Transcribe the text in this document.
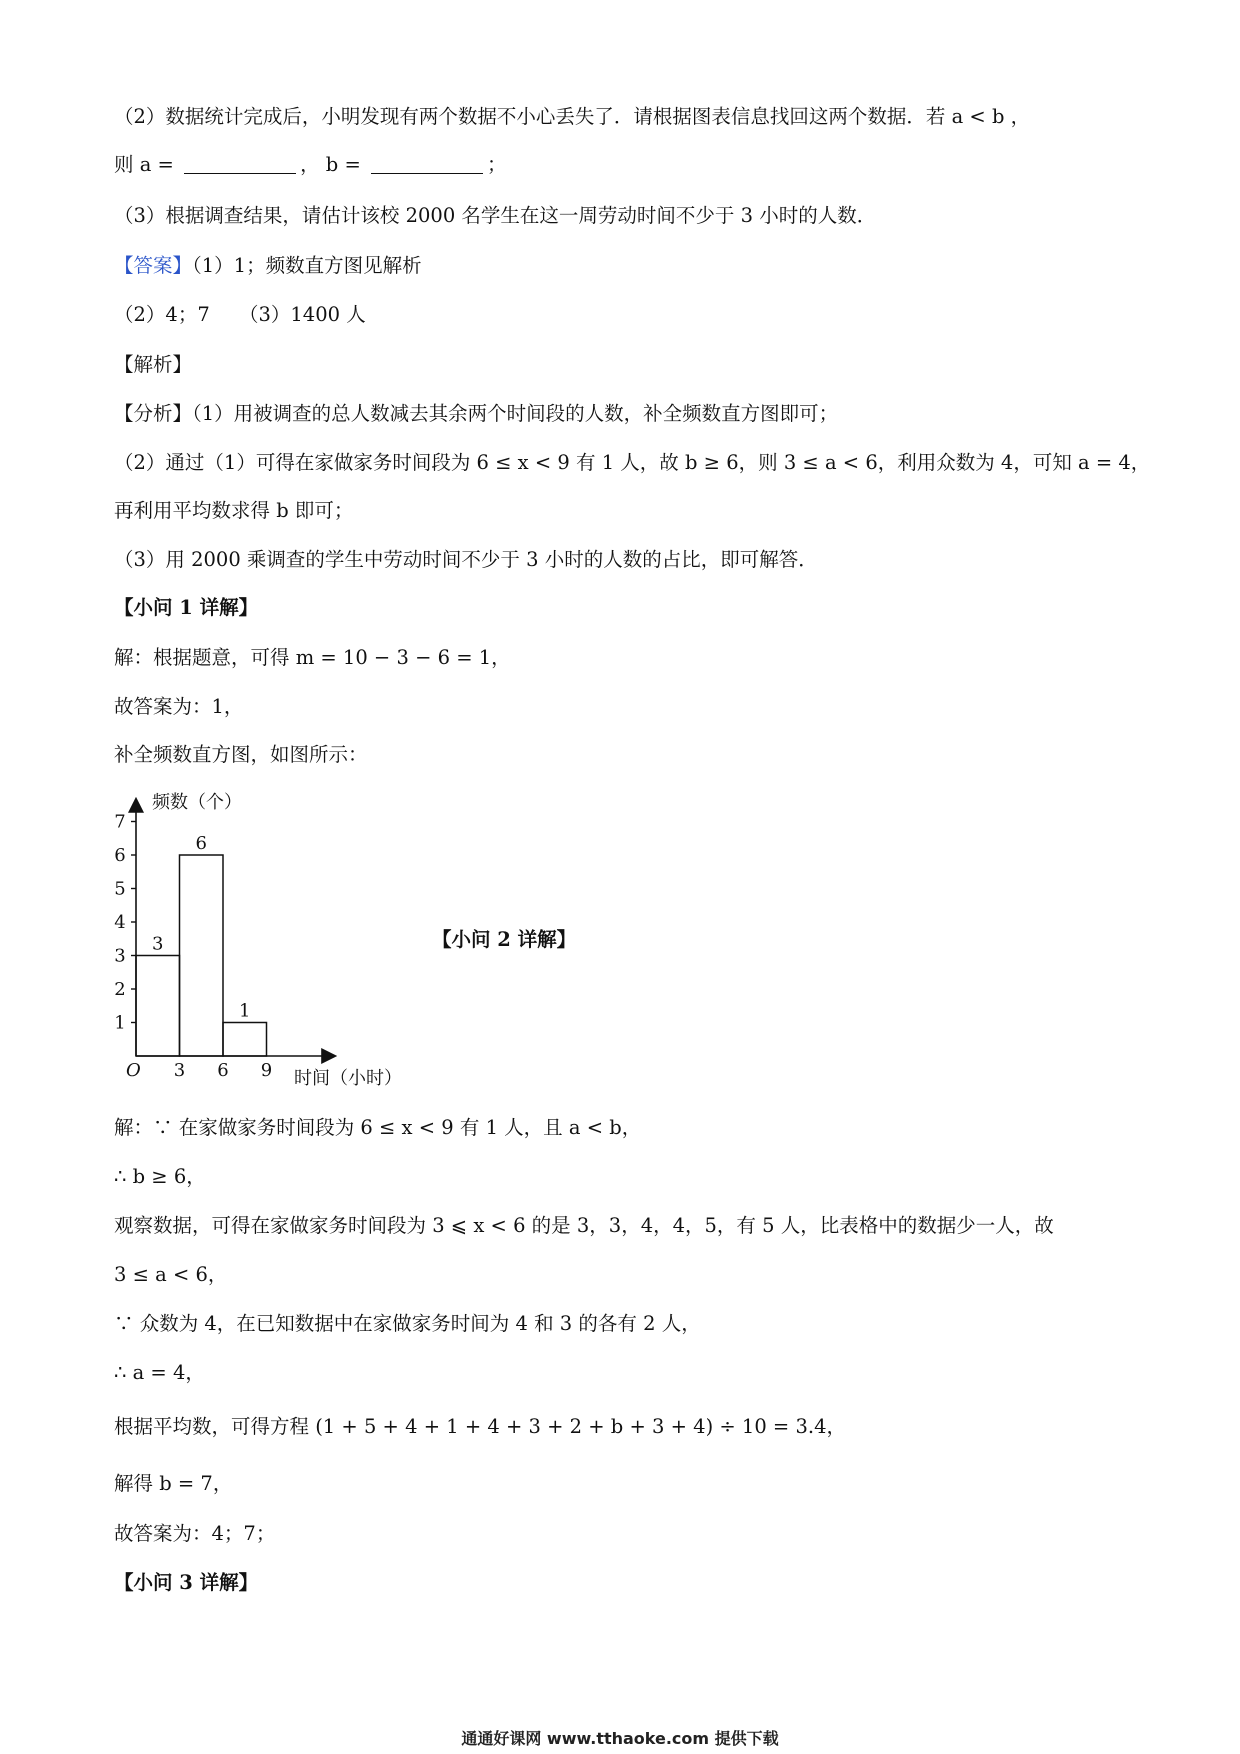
（2）数据统计完成后，小明发现有两个数据不小心丢失了．请根据图表信息找回这两个数据．若 a < b ，
则 a =	， b =	；
（3）根据调查结果，请估计该校 2000 名学生在这一周劳动时间不少于 3 小时的人数．
【答案】（1）1；频数直方图见解析
（2）4；7　　（3）1400 人
【解析】
【分析】（1）用被调查的总人数减去其余两个时间段的人数，补全频数直方图即可；
（2）通过（1）可得在家做家务时间段为 6 ≤ x < 9 有 1 人，故 b ≥ 6，则 3 ≤ a < 6，利用众数为 4，可知 a = 4，
再利用平均数求得 b 即可；
（3）用 2000 乘调查的学生中劳动时间不少于 3 小时的人数的占比，即可解答．
【小问 1 详解】
解：根据题意，可得 m = 10 − 3 − 6 = 1，
故答案为：1，
补全频数直方图，如图所示：
频数（个）
时间（小时）
O
3
6
1
1
2
3
4
5
6
7
3 6 9
【小问 2 详解】
解：∵ 在家做家务时间段为 6 ≤ x < 9 有 1 人，且 a < b，
∴ b ≥ 6，
观察数据，可得在家做家务时间段为 3 ⩽ x < 6 的是 3，3，4，4，5，有 5 人，比表格中的数据少一人，故
3 ≤ a < 6，
∵ 众数为 4，在已知数据中在家做家务时间为 4 和 3 的各有 2 人，
∴ a = 4，
根据平均数，可得方程 (1 + 5 + 4 + 1 + 4 + 3 + 2 + b + 3 + 4) ÷ 10 = 3.4，
解得 b = 7，
故答案为：4；7；
【小问 3 详解】
通通好课网 www.tthaoke.com 提供下载
